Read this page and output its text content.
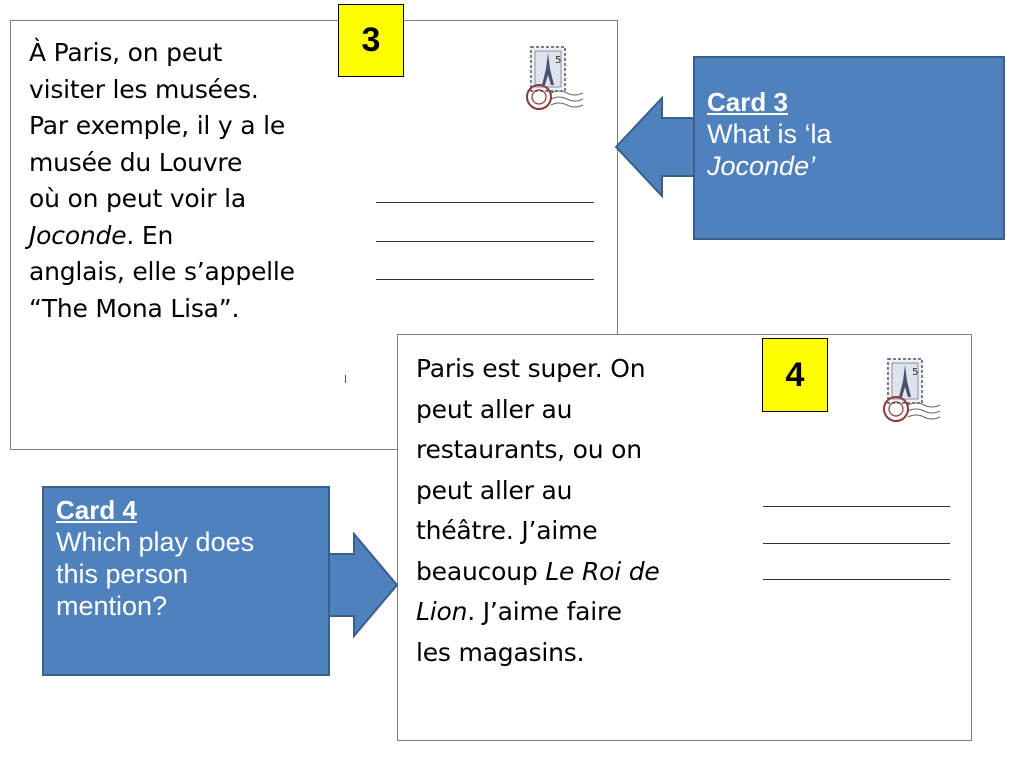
À Paris, on peut
visiter les musées.
Par exemple, il y a le
musée du Louvre
où on peut voir la
Joconde. En
anglais, elle s’appelle
“The Mona Lisa”.
5
3
Paris est super. On
peut aller au
restaurants, ou on
peut aller au
théâtre. J’aime
beaucoup Le Roi de
Lion. J’aime faire
les magasins.
5
4
Card 3
What is ‘la
Joconde’
Card 4
Which play does
this person
mention?
